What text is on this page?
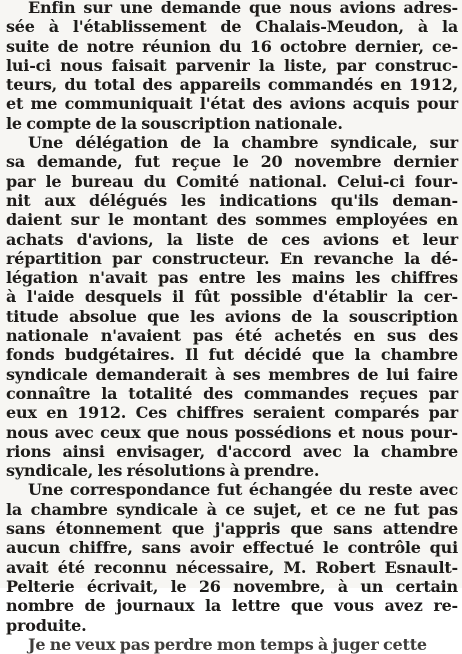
Enfin sur une demande que nous avions adres-
sée à l'établissement de Chalais-Meudon, à la
suite de notre réunion du 16 octobre dernier, ce-
lui-ci nous faisait parvenir la liste, par construc-
teurs, du total des appareils commandés en 1912,
et me communiquait l'état des avions acquis pour
le compte de la souscription nationale.
Une délégation de la chambre syndicale, sur
sa demande, fut reçue le 20 novembre dernier
par le bureau du Comité national. Celui-ci four-
nit aux délégués les indications qu'ils deman-
daient sur le montant des sommes employées en
achats d'avions, la liste de ces avions et leur
répartition par constructeur. En revanche la dé-
légation n'avait pas entre les mains les chiffres
à l'aide desquels il fût possible d'établir la cer-
titude absolue que les avions de la souscription
nationale n'avaient pas été achetés en sus des
fonds budgétaires. Il fut décidé que la chambre
syndicale demanderait à ses membres de lui faire
connaître la totalité des commandes reçues par
eux en 1912. Ces chiffres seraient comparés par
nous avec ceux que nous possédions et nous pour-
rions ainsi envisager, d'accord avec la chambre
syndicale, les résolutions à prendre.
Une correspondance fut échangée du reste avec
la chambre syndicale à ce sujet, et ce ne fut pas
sans étonnement que j'appris que sans attendre
aucun chiffre, sans avoir effectué le contrôle qui
avait été reconnu nécessaire, M. Robert Esnault-
Pelterie écrivait, le 26 novembre, à un certain
nombre de journaux la lettre que vous avez re-
produite.
Je ne veux pas perdre mon temps à juger cette
